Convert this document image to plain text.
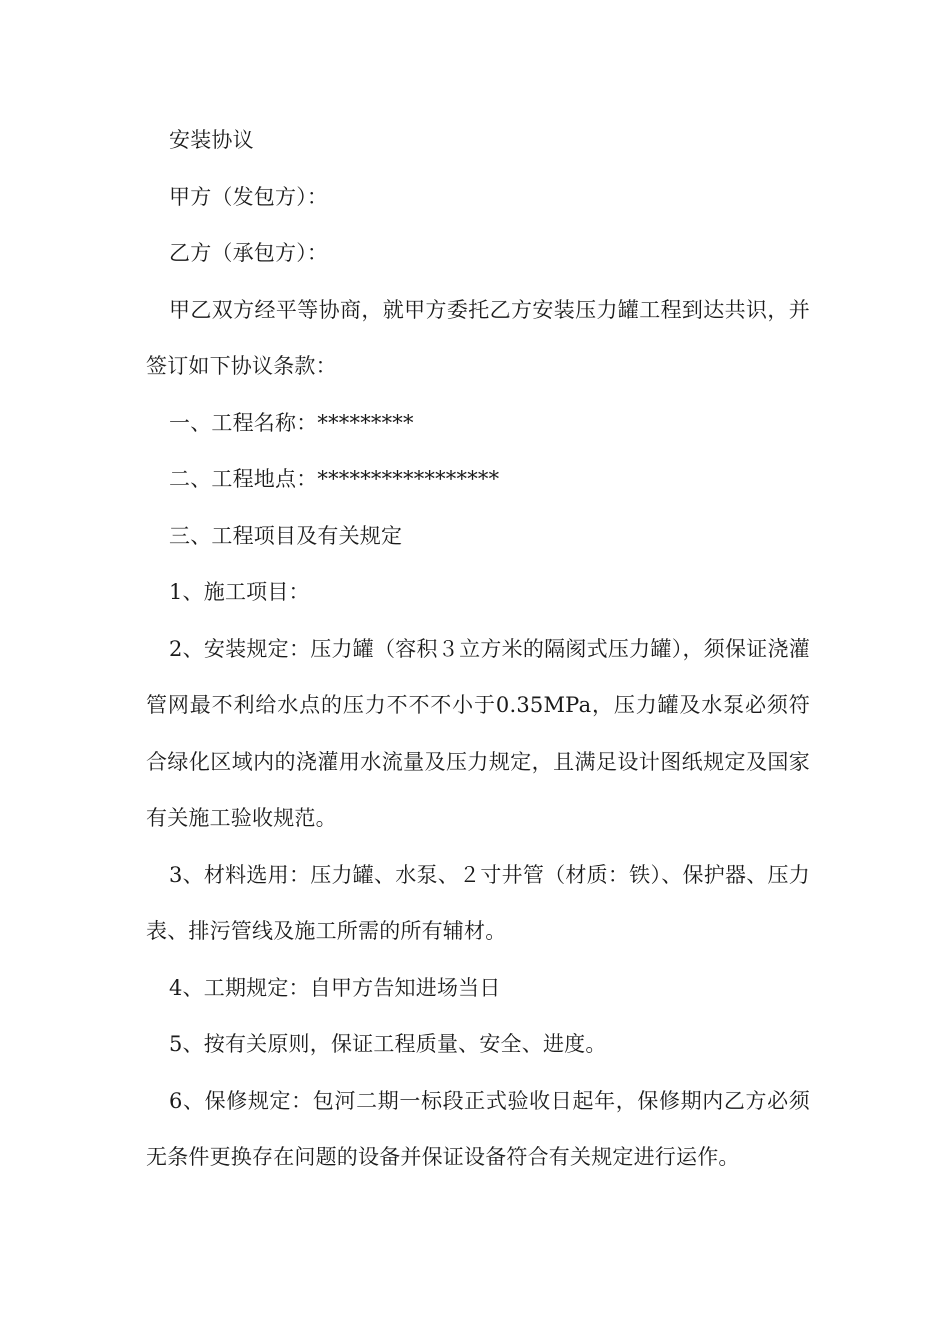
安装协议

甲方（发包方）：

乙方（承包方）：

甲乙双方经平等协商，就甲方委托乙方安装压力罐工程到达共识，并签订如下协议条款：

一、工程名称：*********

二、工程地点：*****************

三、工程项目及有关规定

1、施工项目：

2、安装规定：压力罐（容积３立方米的隔阂式压力罐），须保证浇灌管网最不利给水点的压力不不不小于0.35MPa，压力罐及水泵必须符合绿化区域内的浇灌用水流量及压力规定，且满足设计图纸规定及国家有关施工验收规范。

3、材料选用：压力罐、水泵、２寸井管（材质：铁）、保护器、压力表、排污管线及施工所需的所有辅材。

4、工期规定：自甲方告知进场当日

5、按有关原则，保证工程质量、安全、进度。

6、保修规定：包河二期一标段正式验收日起年，保修期内乙方必须无条件更换存在问题的设备并保证设备符合有关规定进行运作。
